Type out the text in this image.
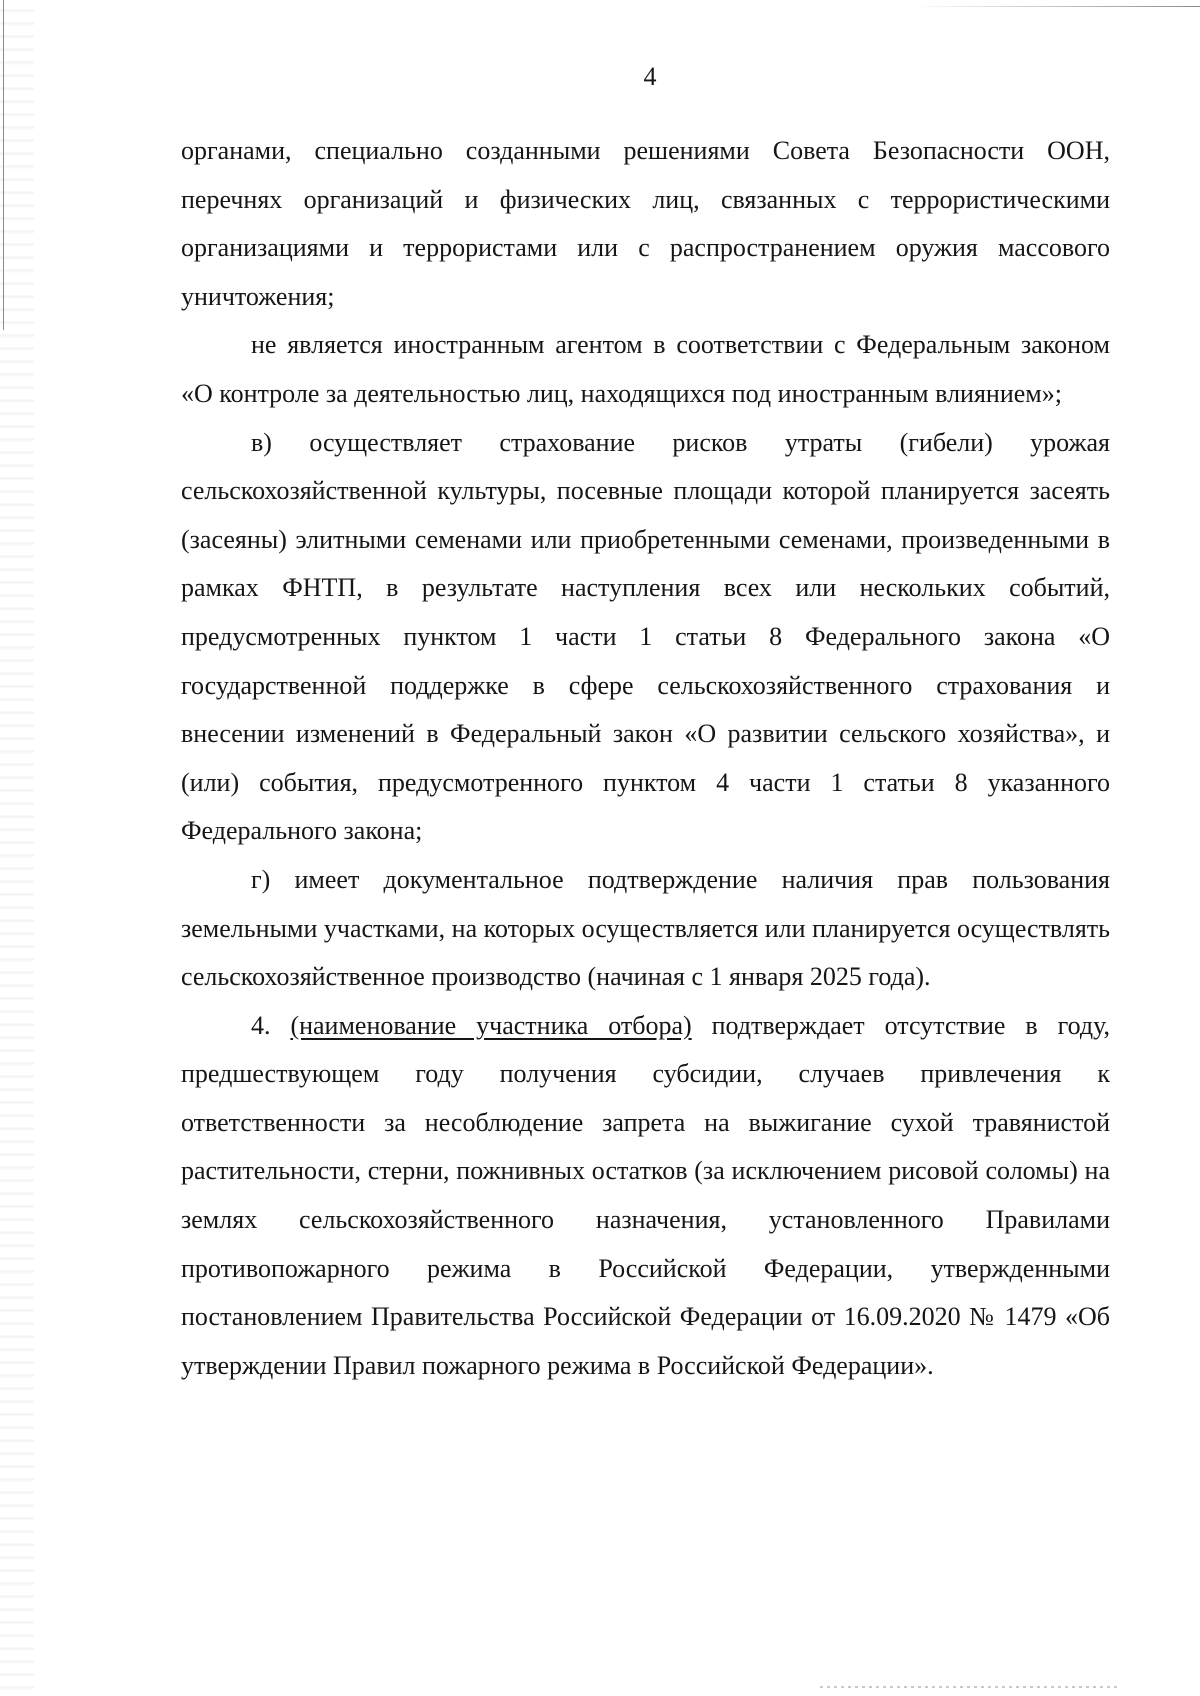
4

органами, специально созданными решениями Совета Безопасности ООН, перечнях организаций и физических лиц, связанных с террористическими организациями и террористами или с распространением оружия массового уничтожения;

не является иностранным агентом в соответствии с Федеральным законом «О контроле за деятельностью лиц, находящихся под иностранным влиянием»;

в) осуществляет страхование рисков утраты (гибели) урожая сельскохозяйственной культуры, посевные площади которой планируется засеять (засеяны) элитными семенами или приобретенными семенами, произведенными в рамках ФНТП, в результате наступления всех или нескольких событий, предусмотренных пунктом 1 части 1 статьи 8 Федерального закона «О государственной поддержке в сфере сельскохозяйственного страхования и внесении изменений в Федеральный закон «О развитии сельского хозяйства», и (или) события, предусмотренного пунктом 4 части 1 статьи 8 указанного Федерального закона;

г) имеет документальное подтверждение наличия прав пользования земельными участками, на которых осуществляется или планируется осуществлять сельскохозяйственное производство (начиная с 1 января 2025 года).

4. (наименование участника отбора) подтверждает отсутствие в году, предшествующем году получения субсидии, случаев привлечения к ответственности за несоблюдение запрета на выжигание сухой травянистой растительности, стерни, пожнивных остатков (за исключением рисовой соломы) на землях сельскохозяйственного назначения, установленного Правилами противопожарного режима в Российской Федерации, утвержденными постановлением Правительства Российской Федерации от 16.09.2020 № 1479 «Об утверждении Правил пожарного режима в Российской Федерации».
